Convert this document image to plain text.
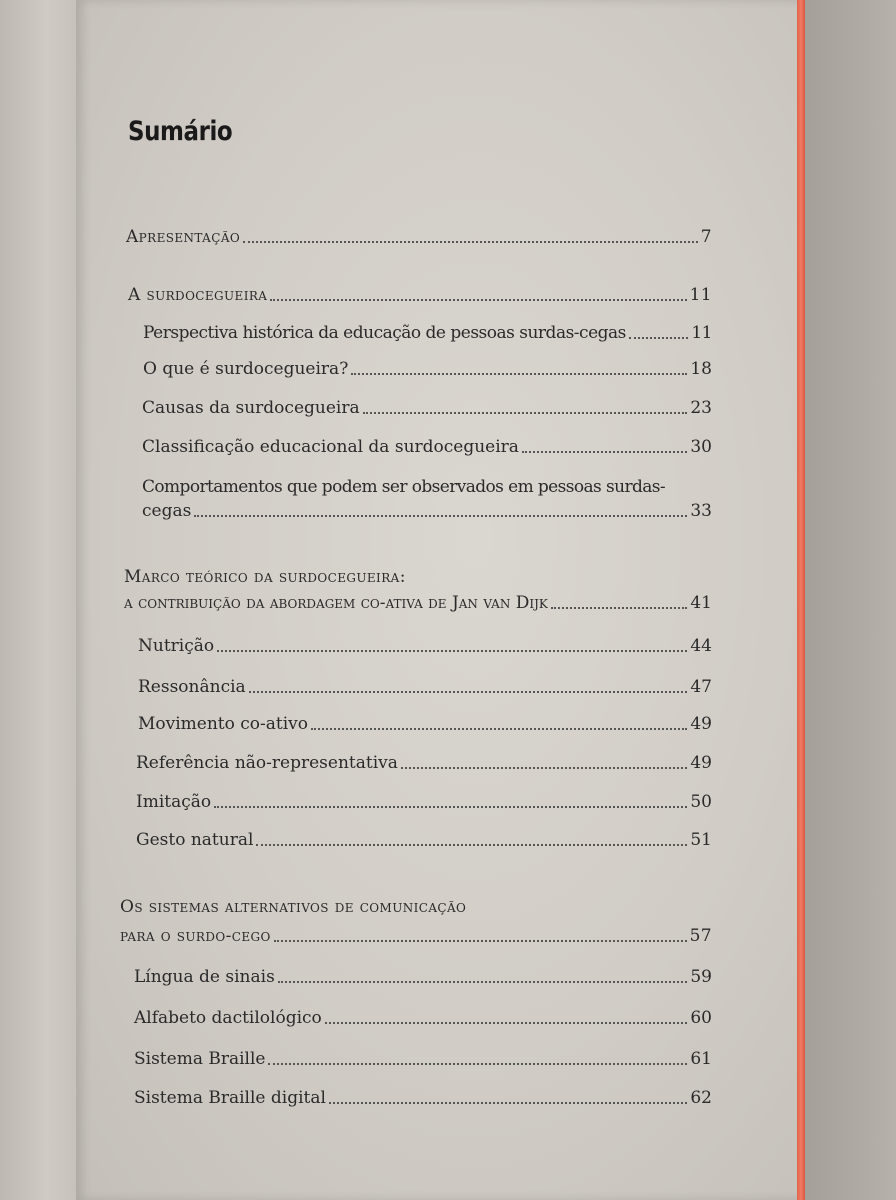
Sumário
Apresentação	7
A surdocegueira	11
Perspectiva histórica da educação de pessoas surdas-cegas	11
O que é surdocegueira?	18
Causas da surdocegueira	23
Classificação educacional da surdocegueira	30
Comportamentos que podem ser observados em pessoas surdas-
cegas	33
Marco teórico da surdocegueira:
a contribuição da abordagem co-ativa de Jan van Dijk	41
Nutrição	44
Ressonância	47
Movimento co-ativo	49
Referência não-representativa	49
Imitação	50
Gesto natural	51
Os sistemas alternativos de comunicação
para o surdo-cego	57
Língua de sinais	59
Alfabeto dactilológico	60
Sistema Braille	61
Sistema Braille digital	62
